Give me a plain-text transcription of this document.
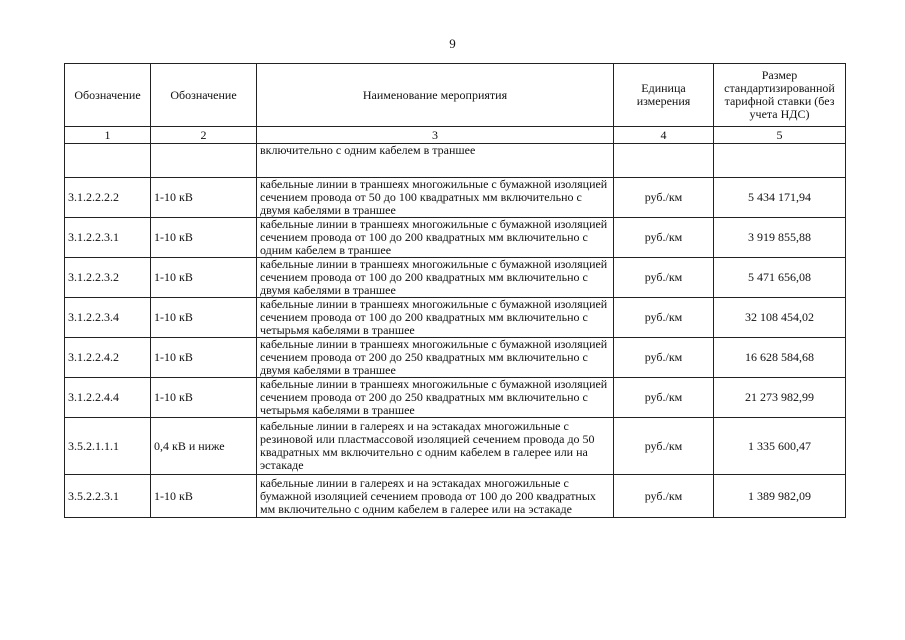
9
Обозначение	Обозначение	Наименование мероприятия	Единица измерения	Размер стандартизированной тарифной ставки (без учета НДС)
1	2	3	4	5
		включительно с одним кабелем в траншее		
3.1.2.2.2.2	1-10 кВ	кабельные линии в траншеях многожильные с бумажной изоляцией сечением провода от 50 до 100 квадратных мм включительно с двумя кабелями в траншее	руб./км	5 434 171,94
3.1.2.2.3.1	1-10 кВ	кабельные линии в траншеях многожильные с бумажной изоляцией сечением провода от 100 до 200 квадратных мм включительно с одним кабелем в траншее	руб./км	3 919 855,88
3.1.2.2.3.2	1-10 кВ	кабельные линии в траншеях многожильные с бумажной изоляцией сечением провода от 100 до 200 квадратных мм включительно с двумя кабелями в траншее	руб./км	5 471 656,08
3.1.2.2.3.4	1-10 кВ	кабельные линии в траншеях многожильные с бумажной изоляцией сечением провода от 100 до 200 квадратных мм включительно с четырьмя кабелями в траншее	руб./км	32 108 454,02
3.1.2.2.4.2	1-10 кВ	кабельные линии в траншеях многожильные с бумажной изоляцией сечением провода от 200 до 250 квадратных мм включительно с двумя кабелями в траншее	руб./км	16 628 584,68
3.1.2.2.4.4	1-10 кВ	кабельные линии в траншеях многожильные с бумажной изоляцией сечением провода от 200 до 250 квадратных мм включительно с четырьмя кабелями в траншее	руб./км	21 273 982,99
3.5.2.1.1.1	0,4 кВ и ниже	кабельные линии в галереях и на эстакадах многожильные с резиновой или пластмассовой изоляцией сечением провода до 50 квадратных мм включительно с одним кабелем в галерее или на эстакаде	руб./км	1 335 600,47
3.5.2.2.3.1	1-10 кВ	кабельные линии в галереях и на эстакадах многожильные с бумажной изоляцией сечением провода от 100 до 200 квадратных мм включительно с одним кабелем в галерее или на эстакаде	руб./км	1 389 982,09
